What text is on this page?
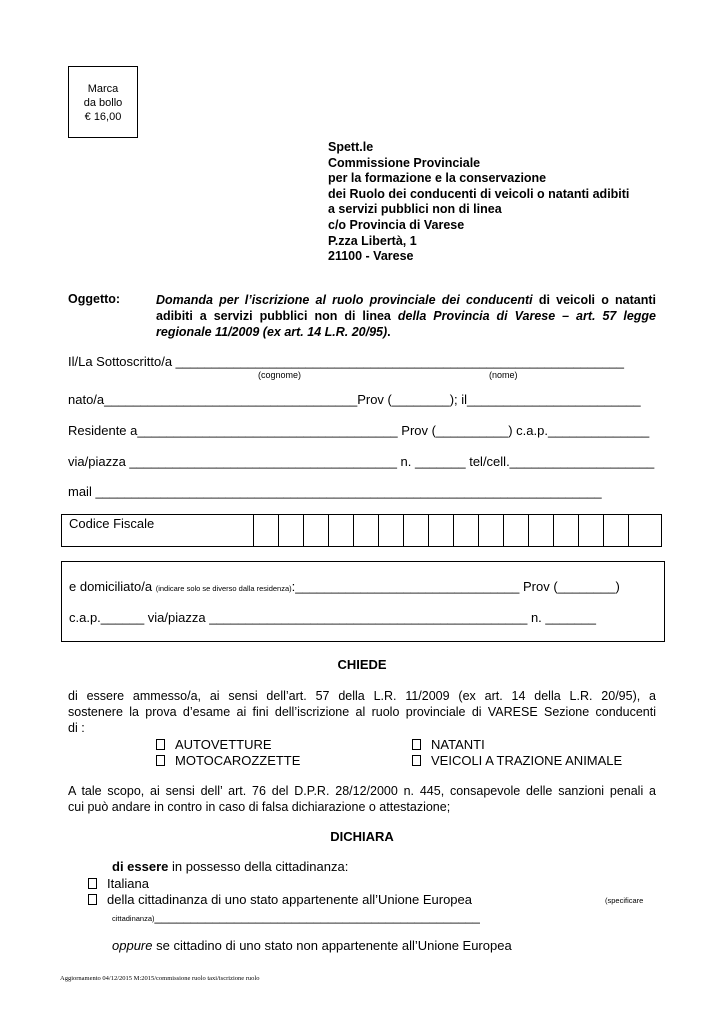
Marca
da bollo
€ 16,00
Spett.le
Commissione Provinciale
per la formazione e la conservazione
dei Ruolo dei conducenti di veicoli o natanti adibiti
a servizi pubblici non di linea
c/o Provincia di Varese
P.zza Libertà, 1
21100 - Varese
Oggetto:	Domanda per l’iscrizione al ruolo provinciale dei conducenti di veicoli o natanti
adibiti a servizi pubblici non di linea della Provincia di Varese – art. 57 legge
regionale 11/2009 (ex art. 14 L.R. 20/95).
Il/La Sottoscritto/a ______________________________________________________________
(cognome)	(nome)
nato/a___________________________________Prov (________); il________________________
Residente a____________________________________ Prov (__________) c.a.p.______________
via/piazza _____________________________________ n. _______ tel/cell.____________________
mail ______________________________________________________________________
Codice Fiscale
e domiciliato/a (indicare solo se diverso dalla residenza):_______________________________ Prov (________)
c.a.p.______ via/piazza ____________________________________________ n. _______
CHIEDE
di essere ammesso/a, ai sensi dell’art. 57 della L.R. 11/2009 (ex art. 14 della L.R. 20/95), a
sostenere la prova d’esame ai fini dell’iscrizione al ruolo provinciale di VARESE Sezione conducenti
di :
AUTOVETTURE	NATANTI
MOTOCAROZZETTE	VEICOLI A TRAZIONE ANIMALE
A tale scopo, ai sensi dell’ art. 76 del D.P.R. 28/12/2000 n. 445, consapevole delle sanzioni penali a
cui può andare in contro in caso di falsa dichiarazione o attestazione;
DICHIARA
di essere in possesso della cittadinanza:
Italiana
della cittadinanza di uno stato appartenente all’Unione Europea	(specificare
cittadinanza)_____________________________________________
oppure se cittadino di uno stato non appartenente all’Unione Europea
Aggiornamento 04/12/2015 M:2015/commissione ruolo taxi/iscrizione ruolo
